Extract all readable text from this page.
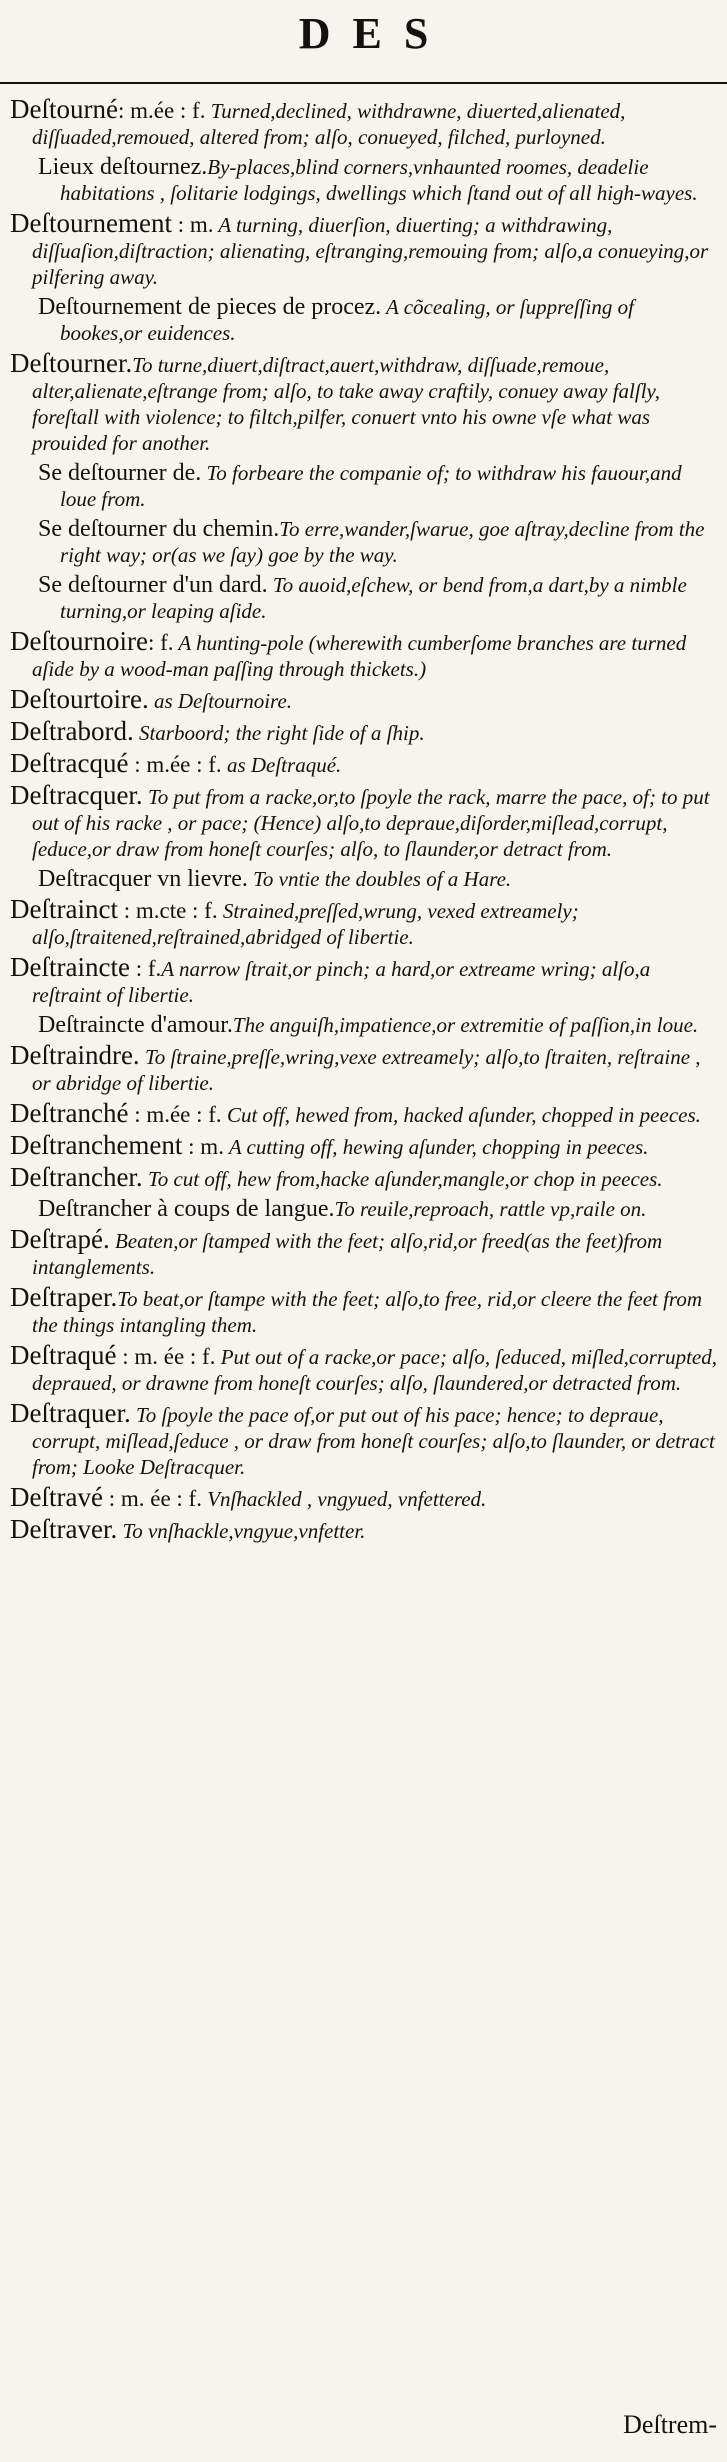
DES

Deſtourné: m.ée : f. Turned,declined, withdrawne, diuerted,alienated, diſſuaded,remoued, altered from; alſo, conueyed, filched, purloyned.

Lieux deſtournez.By-places,blind corners,vnhaunted roomes, deadelie habitations , ſolitarie lodgings, dwellings which ſtand out of all high-wayes.

Deſtournement : m. A turning, diuerſion, diuerting; a withdrawing, diſſuaſion,diſtraction; alienating, eſtranging,remouing from; alſo,a conueying,or pilfering away.

Deſtournement de pieces de procez. A cõcealing, or ſuppreſſing of bookes,or euidences.

Deſtourner.To turne,diuert,diſtract,auert,withdraw, diſſuade,remoue, alter,alienate,eſtrange from; alſo, to take away craftily, conuey away falſly, foreſtall with violence; to filtch,pilfer, conuert vnto his owne vſe what was prouided for another.

Se deſtourner de. To forbeare the companie of; to withdraw his fauour,and loue from.

Se deſtourner du chemin.To erre,wander,ſwarue, goe aſtray,decline from the right way; or(as we ſay) goe by the way.

Se deſtourner d'un dard. To auoid,eſchew, or bend from,a dart,by a nimble turning,or leaping aſide.

Deſtournoire: f. A hunting-pole (wherewith cumberſome branches are turned aſide by a wood-man paſſing through thickets.)

Deſtourtoire. as Deſtournoire.

Deſtrabord. Starboord; the right ſide of a ſhip.

Deſtracqué : m.ée : f. as Deſtraqué.

Deſtracquer. To put from a racke,or,to ſpoyle the rack, marre the pace, of; to put out of his racke , or pace; (Hence) alſo,to depraue,diſorder,miſlead,corrupt, ſeduce,or draw from honeſt courſes; alſo, to ſlaunder,or detract from.

Deſtracquer vn lievre. To vntie the doubles of a Hare.

Deſtrainct : m.cte : f. Strained,preſſed,wrung, vexed extreamely; alſo,ſtraitened,reſtrained,abridged of libertie.

Deſtraincte : f.A narrow ſtrait,or pinch; a hard,or extreame wring; alſo,a reſtraint of libertie.

Deſtraincte d'amour.The anguiſh,impatience,or extremitie of paſſion,in loue.

Deſtraindre. To ſtraine,preſſe,wring,vexe extreamely; alſo,to ſtraiten, reſtraine , or abridge of libertie.

Deſtranché : m.ée : f. Cut off, hewed from, hacked aſunder, chopped in peeces.

Deſtranchement : m. A cutting off, hewing aſunder, chopping in peeces.

Deſtrancher. To cut off, hew from,hacke aſunder,mangle,or chop in peeces.

Deſtrancher à coups de langue.To reuile,reproach, rattle vp,raile on.

Deſtrapé. Beaten,or ſtamped with the feet; alſo,rid,or freed(as the feet)from intanglements.

Deſtraper.To beat,or ſtampe with the feet; alſo,to free, rid,or cleere the feet from the things intangling them.

Deſtraqué : m. ée : f. Put out of a racke,or pace; alſo, ſeduced, miſled,corrupted, depraued, or drawne from honeſt courſes; alſo, ſlaundered,or detracted from.

Deſtraquer. To ſpoyle the pace of,or put out of his pace; hence; to depraue, corrupt, miſlead,ſeduce , or draw from honeſt courſes; alſo,to ſlaunder, or detract from; Looke Deſtracquer.

Deſtravé : m. ée : f. Vnſhackled , vngyued, vnfettered.

Deſtraver. To vnſhackle,vngyue,vnfetter.

Deſtrem-
